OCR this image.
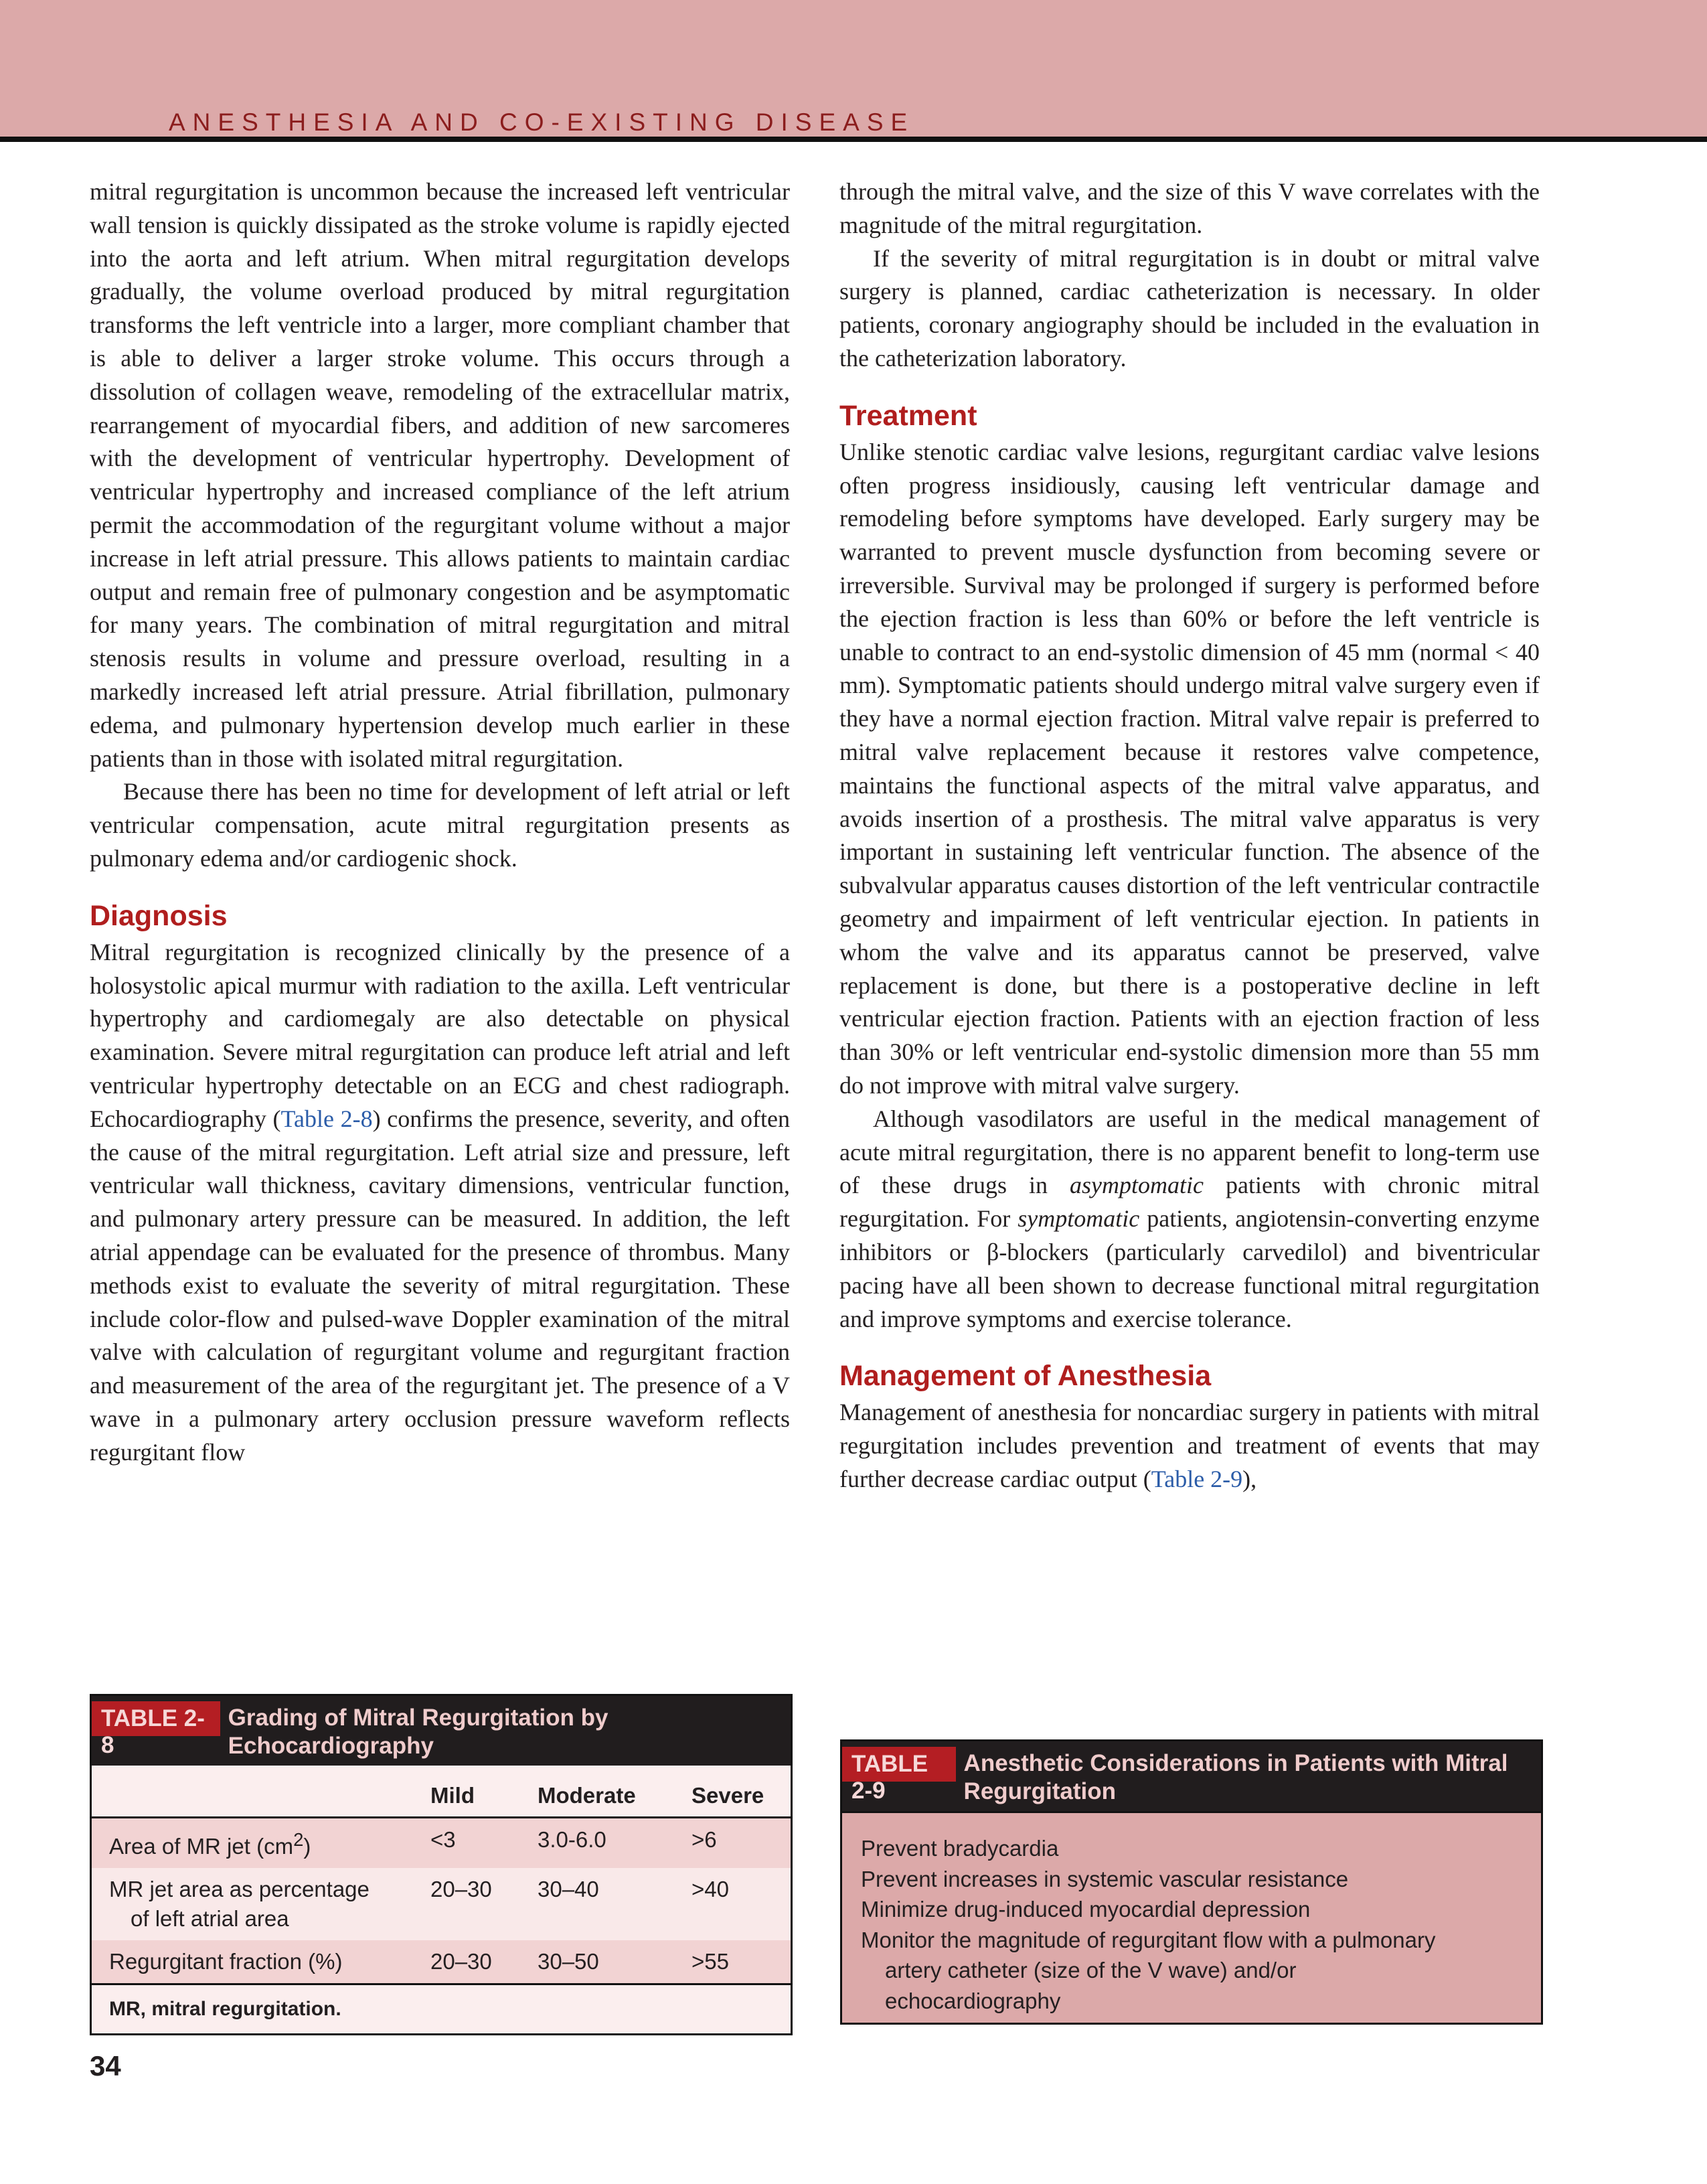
ANESTHESIA AND CO-EXISTING DISEASE

mitral regurgitation is uncommon because the increased left ventricular wall tension is quickly dissipated as the stroke volume is rapidly ejected into the aorta and left atrium. When mitral regurgitation develops gradually, the volume overload produced by mitral regurgitation transforms the left ventricle into a larger, more compliant chamber that is able to deliver a larger stroke volume. This occurs through a dissolution of collagen weave, remodeling of the extracellular matrix, rearrangement of myocardial fibers, and addition of new sarcomeres with the development of ventricular hypertrophy. Development of ventricular hypertrophy and increased compliance of the left atrium permit the accommodation of the regurgitant volume without a major increase in left atrial pressure. This allows patients to maintain cardiac output and remain free of pulmonary congestion and be asymptomatic for many years. The combination of mitral regurgitation and mitral stenosis results in volume and pressure overload, resulting in a markedly increased left atrial pressure. Atrial fibrillation, pulmonary edema, and pulmonary hypertension develop much earlier in these patients than in those with isolated mitral regurgitation.

Because there has been no time for development of left atrial or left ventricular compensation, acute mitral regurgitation presents as pulmonary edema and/or cardiogenic shock.

Diagnosis

Mitral regurgitation is recognized clinically by the presence of a holosystolic apical murmur with radiation to the axilla. Left ventricular hypertrophy and cardiomegaly are also detectable on physical examination. Severe mitral regurgitation can produce left atrial and left ventricular hypertrophy detectable on an ECG and chest radiograph. Echocardiography (Table 2-8) confirms the presence, severity, and often the cause of the mitral regurgitation. Left atrial size and pressure, left ventricular wall thickness, cavitary dimensions, ventricular function, and pulmonary artery pressure can be measured. In addition, the left atrial appendage can be evaluated for the presence of thrombus. Many methods exist to evaluate the severity of mitral regurgitation. These include color-flow and pulsed-wave Doppler examination of the mitral valve with calculation of regurgitant volume and regurgitant fraction and measurement of the area of the regurgitant jet. The presence of a V wave in a pulmonary artery occlusion pressure waveform reflects regurgitant flow

through the mitral valve, and the size of this V wave correlates with the magnitude of the mitral regurgitation.

If the severity of mitral regurgitation is in doubt or mitral valve surgery is planned, cardiac catheterization is necessary. In older patients, coronary angiography should be included in the evaluation in the catheterization laboratory.

Treatment

Unlike stenotic cardiac valve lesions, regurgitant cardiac valve lesions often progress insidiously, causing left ventricular damage and remodeling before symptoms have developed. Early surgery may be warranted to prevent muscle dysfunction from becoming severe or irreversible. Survival may be prolonged if surgery is performed before the ejection fraction is less than 60% or before the left ventricle is unable to contract to an end-systolic dimension of 45 mm (normal < 40 mm). Symptomatic patients should undergo mitral valve surgery even if they have a normal ejection fraction. Mitral valve repair is preferred to mitral valve replacement because it restores valve competence, maintains the functional aspects of the mitral valve apparatus, and avoids insertion of a prosthesis. The mitral valve apparatus is very important in sustaining left ventricular function. The absence of the subvalvular apparatus causes distortion of the left ventricular contractile geometry and impairment of left ventricular ejection. In patients in whom the valve and its apparatus cannot be preserved, valve replacement is done, but there is a postoperative decline in left ventricular ejection fraction. Patients with an ejection fraction of less than 30% or left ventricular end-systolic dimension more than 55 mm do not improve with mitral valve surgery.

Although vasodilators are useful in the medical management of acute mitral regurgitation, there is no apparent benefit to long-term use of these drugs in asymptomatic patients with chronic mitral regurgitation. For symptomatic patients, angiotensin-converting enzyme inhibitors or β-blockers (particularly carvedilol) and biventricular pacing have all been shown to decrease functional mitral regurgitation and improve symptoms and exercise tolerance.

Management of Anesthesia

Management of anesthesia for noncardiac surgery in patients with mitral regurgitation includes prevention and treatment of events that may further decrease cardiac output (Table 2-9),

TABLE 2-8
Grading of Mitral Regurgitation by Echocardiography
	Mild	Moderate	Severe
Area of MR jet $(cm^2)$	<3	3.0-6.0	>6
MR jet area as percentage
of left atrial area	20–30	30–40	>40
Regurgitant fraction (%)	20–30	30–50	>55
MR, mitral regurgitation.			
TABLE 2-9
Anesthetic Considerations in Patients with Mitral Regurgitation
Prevent bradycardia
Prevent increases in systemic vascular resistance
Minimize drug-induced myocardial depression
Monitor the magnitude of regurgitant flow with a pulmonary
artery catheter (size of the V wave) and/or
echocardiography
34
